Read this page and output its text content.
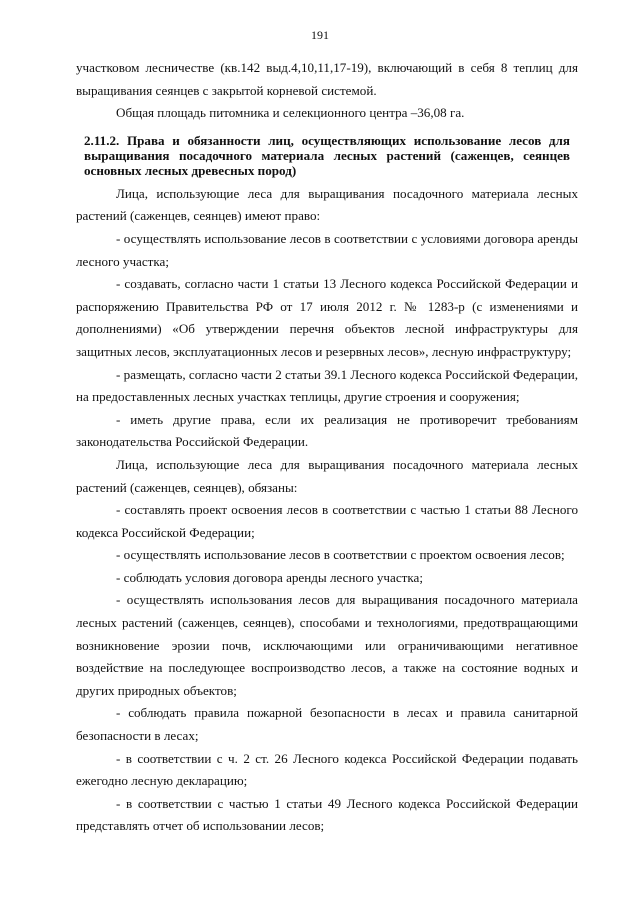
191

участковом лесничестве (кв.142 выд.4,10,11,17-19), включающий в себя 8 теплиц для выращивания сеянцев с закрытой корневой системой.

Общая площадь питомника и селекционного центра –36,08 га.

2.11.2. Права и обязанности лиц, осуществляющих использование лесов для выращивания посадочного материала лесных растений (саженцев, сеянцев основных лесных древесных пород)

Лица, использующие леса для выращивания посадочного материала лесных растений (саженцев, сеянцев) имеют право:

- осуществлять использование лесов в соответствии с условиями договора аренды лесного участка;

- создавать, согласно части 1 статьи 13 Лесного кодекса Российской Федерации и распоряжению Правительства РФ от 17 июля 2012 г. № 1283-р (с изменениями и дополнениями) «Об утверждении перечня объектов лесной инфраструктуры для защитных лесов, эксплуатационных лесов и резервных лесов», лесную инфраструктуру;

- размещать, согласно части 2 статьи 39.1 Лесного кодекса Российской Федерации, на предоставленных лесных участках теплицы, другие строения и сооружения;

- иметь другие права, если их реализация не противоречит требованиям законодательства Российской Федерации.

Лица, использующие леса для выращивания посадочного материала лесных растений (саженцев, сеянцев), обязаны:

- составлять проект освоения лесов в соответствии с частью 1 статьи 88 Лесного кодекса Российской Федерации;

- осуществлять использование лесов в соответствии с проектом освоения лесов;

- соблюдать условия договора аренды лесного участка;

- осуществлять использования лесов для выращивания посадочного материала лесных растений (саженцев, сеянцев), способами и технологиями, предотвращающими возникновение эрозии почв, исключающими или ограничивающими негативное воздействие на последующее воспроизводство лесов, а также на состояние водных и других природных объектов;

- соблюдать правила пожарной безопасности в лесах и правила санитарной безопасности в лесах;

- в соответствии с ч. 2 ст. 26 Лесного кодекса Российской Федерации подавать ежегодно лесную декларацию;

- в соответствии с частью 1 статьи 49 Лесного кодекса Российской Федерации представлять отчет об использовании лесов;
